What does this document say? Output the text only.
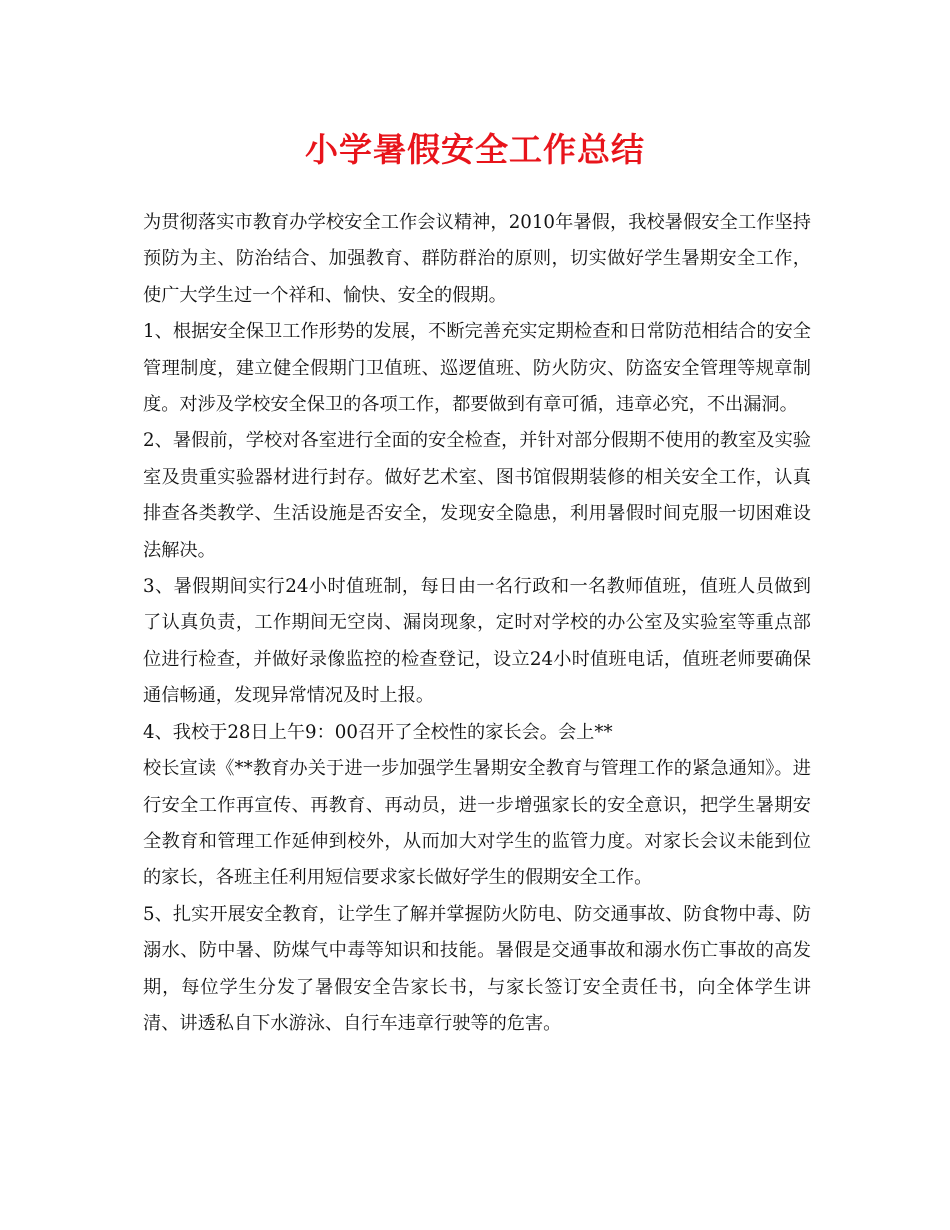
小学暑假安全工作总结

为贯彻落实市教育办学校安全工作会议精神，2010年暑假，我校暑假安全工作坚持预防为主、防治结合、加强教育、群防群治的原则，切实做好学生暑期安全工作，使广大学生过一个祥和、愉快、安全的假期。

1、根据安全保卫工作形势的发展，不断完善充实定期检查和日常防范相结合的安全管理制度，建立健全假期门卫值班、巡逻值班、防火防灾、防盗安全管理等规章制度。对涉及学校安全保卫的各项工作，都要做到有章可循，违章必究，不出漏洞。

2、暑假前，学校对各室进行全面的安全检查，并针对部分假期不使用的教室及实验室及贵重实验器材进行封存。做好艺术室、图书馆假期装修的相关安全工作，认真排查各类教学、生活设施是否安全，发现安全隐患，利用暑假时间克服一切困难设法解决。

3、暑假期间实行24小时值班制，每日由一名行政和一名教师值班，值班人员做到了认真负责，工作期间无空岗、漏岗现象，定时对学校的办公室及实验室等重点部位进行检查，并做好录像监控的检查登记，设立24小时值班电话，值班老师要确保通信畅通，发现异常情况及时上报。

4、我校于28日上午9：00召开了全校性的家长会。会上**

校长宣读《**教育办关于进一步加强学生暑期安全教育与管理工作的紧急通知》。进行安全工作再宣传、再教育、再动员，进一步增强家长的安全意识，把学生暑期安全教育和管理工作延伸到校外，从而加大对学生的监管力度。对家长会议未能到位的家长，各班主任利用短信要求家长做好学生的假期安全工作。

5、扎实开展安全教育，让学生了解并掌握防火防电、防交通事故、防食物中毒、防溺水、防中暑、防煤气中毒等知识和技能。暑假是交通事故和溺水伤亡事故的高发期，每位学生分发了暑假安全告家长书，与家长签订安全责任书，向全体学生讲清、讲透私自下水游泳、自行车违章行驶等的危害。
